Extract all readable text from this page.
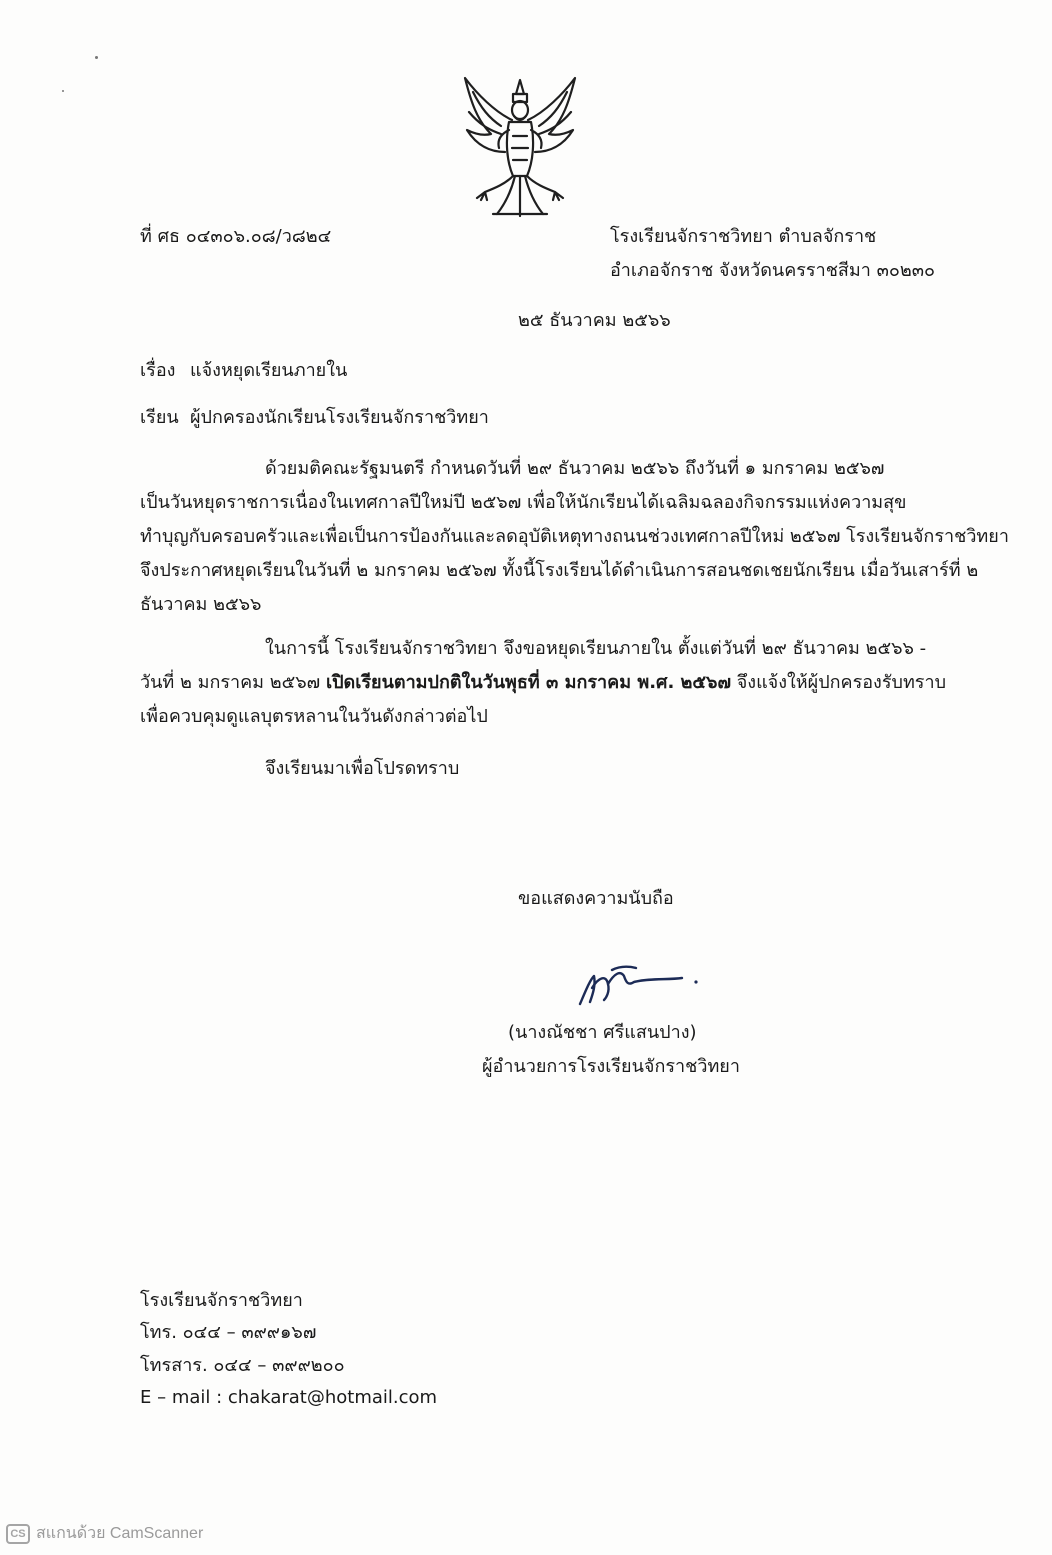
ที่ ศธ ๐๔๓๐๖.๐๘/ว๘๒๔	โรงเรียนจักราชวิทยา ตำบลจักราช
อำเภอจักราช จังหวัดนครราชสีมา ๓๐๒๓๐
๒๕ ธันวาคม ๒๕๖๖
เรื่อง แจ้งหยุดเรียนภายใน
เรียน ผู้ปกครองนักเรียนโรงเรียนจักราชวิทยา

ด้วยมติคณะรัฐมนตรี กำหนดวันที่ ๒๙ ธันวาคม ๒๕๖๖ ถึงวันที่ ๑ มกราคม ๒๕๖๗

เป็นวันหยุดราชการเนื่องในเทศกาลปีใหม่ปี ๒๕๖๗ เพื่อให้นักเรียนได้เฉลิมฉลองกิจกรรมแห่งความสุข

ทำบุญกับครอบครัวและเพื่อเป็นการป้องกันและลดอุบัติเหตุทางถนนช่วงเทศกาลปีใหม่ ๒๕๖๗ โรงเรียนจักราชวิทยา

จึงประกาศหยุดเรียนในวันที่ ๒ มกราคม ๒๕๖๗ ทั้งนี้โรงเรียนได้ดำเนินการสอนชดเชยนักเรียน เมื่อวันเสาร์ที่ ๒

ธันวาคม ๒๕๖๖

ในการนี้ โรงเรียนจักราชวิทยา จึงขอหยุดเรียนภายใน ตั้งแต่วันที่ ๒๙ ธันวาคม ๒๕๖๖ -

วันที่ ๒ มกราคม ๒๕๖๗ เปิดเรียนตามปกติในวันพุธที่ ๓ มกราคม พ.ศ. ๒๕๖๗ จึงแจ้งให้ผู้ปกครองรับทราบ

เพื่อควบคุมดูแลบุตรหลานในวันดังกล่าวต่อไป

จึงเรียนมาเพื่อโปรดทราบ
ขอแสดงความนับถือ
(นางณัชชา ศรีแสนปาง)
ผู้อำนวยการโรงเรียนจักราชวิทยา
โรงเรียนจักราชวิทยา
โทร. ๐๔๔ – ๓๙๙๑๖๗
โทรสาร. ๐๔๔ – ๓๙๙๒๐๐
E – mail : chakarat@hotmail.com
CS สแกนด้วย CamScanner
